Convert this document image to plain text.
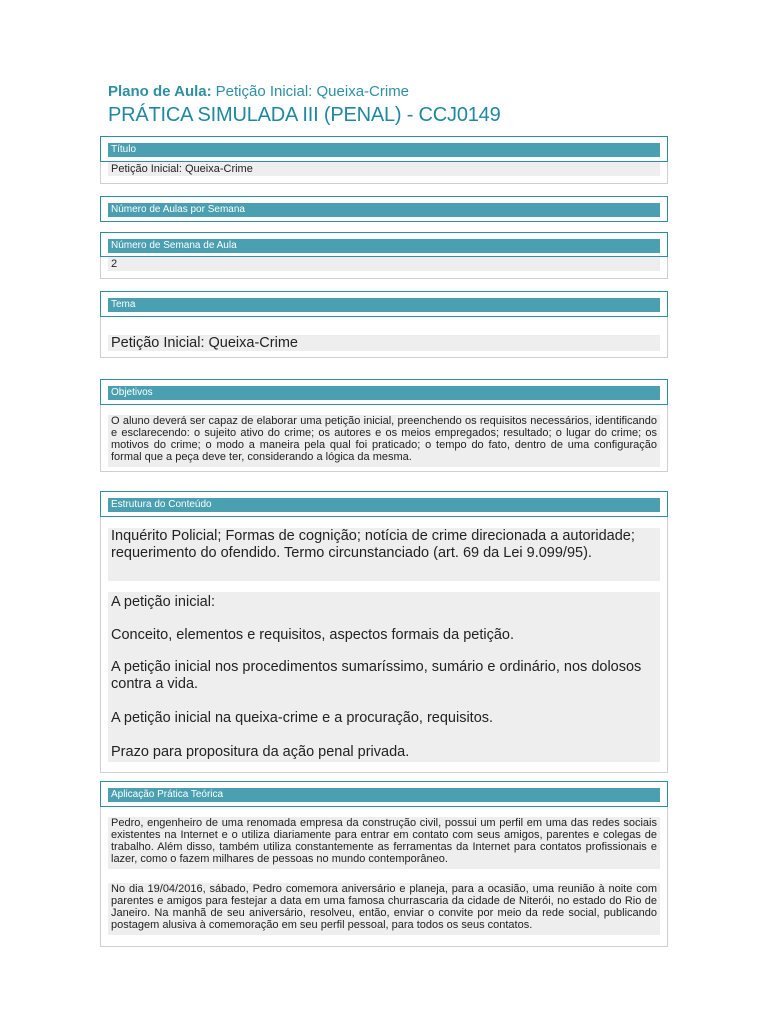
Plano de Aula: Petição Inicial: Queixa-Crime
PRÁTICA SIMULADA III (PENAL) - CCJ0149
Título
Petição Inicial: Queixa-Crime
Número de Aulas por Semana
Número de Semana de Aula
2
Tema
Petição Inicial: Queixa-Crime
Objetivos
O aluno deverá ser capaz de elaborar uma petição inicial, preenchendo os requisitos necessários, identificando e esclarecendo: o sujeito ativo do crime; os autores e os meios empregados; resultado; o lugar do crime; os motivos do crime; o modo a maneira pela qual foi praticado; o tempo do fato, dentro de uma configuração formal que a peça deve ter, considerando a lógica da mesma.
Estrutura do Conteúdo
Inquérito Policial; Formas de cognição; notícia de crime direcionada a autoridade; requerimento do ofendido. Termo circunstanciado (art. 69 da Lei 9.099/95).
A petição inicial:
Conceito, elementos e requisitos, aspectos formais da petição.
A petição inicial nos procedimentos sumaríssimo, sumário e ordinário, nos dolosos contra a vida.
A petição inicial na queixa-crime e a procuração, requisitos.
Prazo para propositura da ação penal privada.
Aplicação Prática Teórica
Pedro, engenheiro de uma renomada empresa da construção civil, possui um perfil em uma das redes sociais existentes na Internet e o utiliza diariamente para entrar em contato com seus amigos, parentes e colegas de trabalho. Além disso, também utiliza constantemente as ferramentas da Internet para contatos profissionais e lazer, como o fazem milhares de pessoas no mundo contemporâneo.
No dia 19/04/2016, sábado, Pedro comemora aniversário e planeja, para a ocasião, uma reunião à noite com parentes e amigos para festejar a data em uma famosa churrascaria da cidade de Niterói, no estado do Rio de Janeiro. Na manhã de seu aniversário, resolveu, então, enviar o convite por meio da rede social, publicando postagem alusiva à comemoração em seu perfil pessoal, para todos os seus contatos.
